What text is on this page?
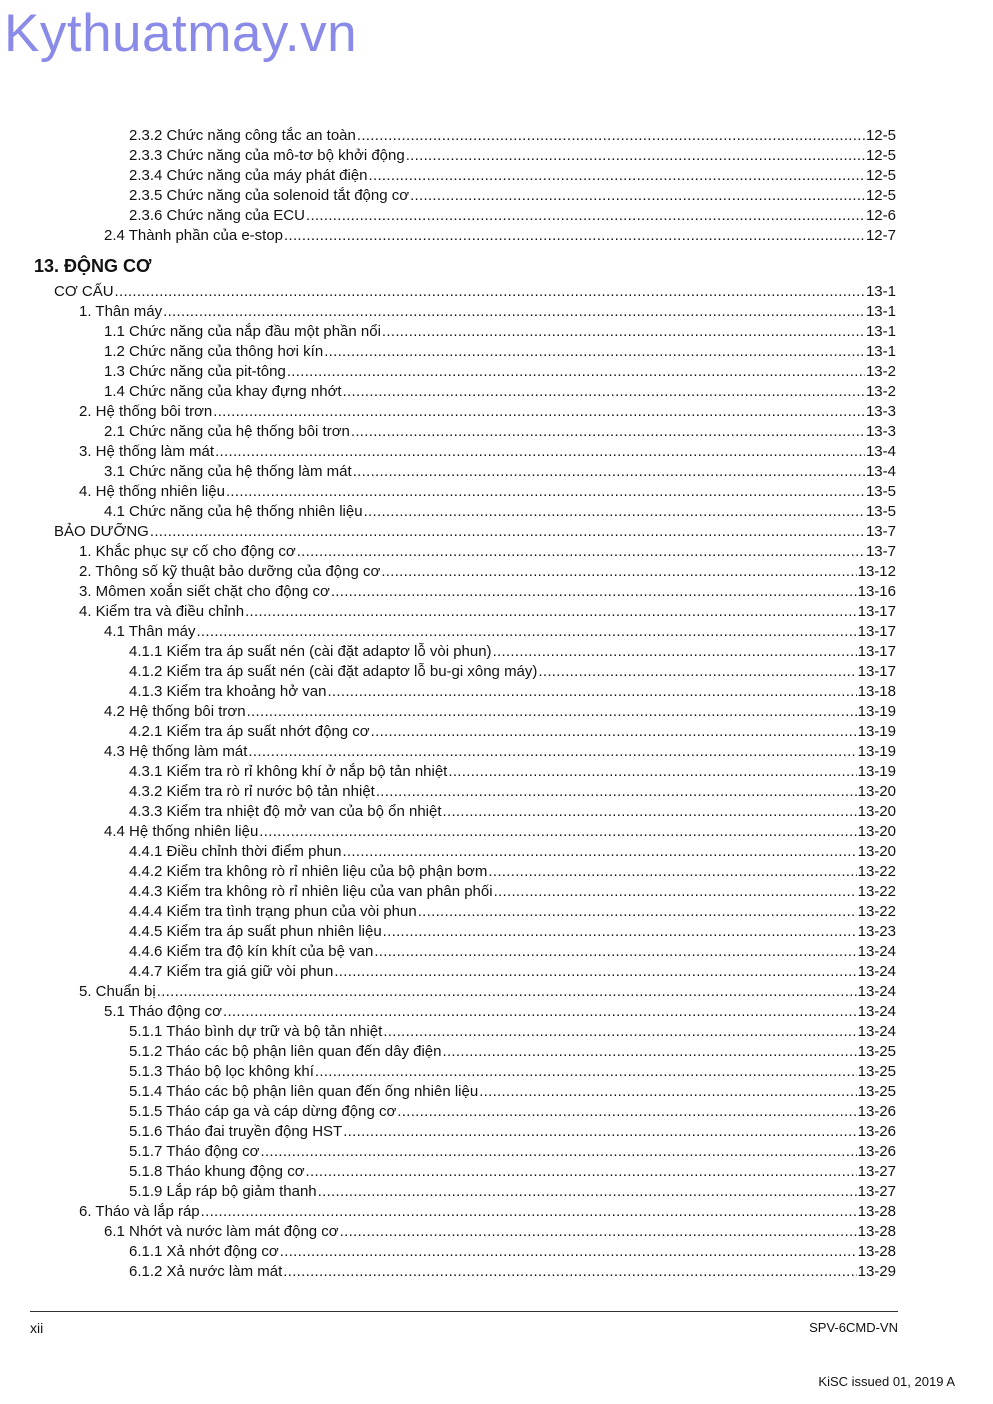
Kythuatmay.vn
2.3.2 Chức năng công tắc an toàn .....	12-5
2.3.3 Chức năng của mô-tơ bộ khởi động .....	12-5
2.3.4 Chức năng của máy phát điện .....	12-5
2.3.5 Chức năng của solenoid tắt động cơ .....	12-5
2.3.6 Chức năng của ECU .....	12-6
2.4 Thành phần của e-stop .....	12-7
13. ĐỘNG CƠ
CƠ CẤU .....	13-1
1. Thân máy .....	13-1
1.1 Chức năng của nắp đầu một phần nổi .....	13-1
1.2 Chức năng của thông hơi kín .....	13-1
1.3 Chức năng của pit-tông .....	13-2
1.4 Chức năng của khay đựng nhớt .....	13-2
2. Hệ thống bôi trơn .....	13-3
2.1 Chức năng của hệ thống bôi trơn .....	13-3
3. Hệ thống làm mát .....	13-4
3.1 Chức năng của hệ thống làm mát .....	13-4
4. Hệ thống nhiên liệu .....	13-5
4.1 Chức năng của hệ thống nhiên liệu .....	13-5
BẢO DƯỠNG .....	13-7
1. Khắc phục sự cố cho động cơ .....	13-7
2. Thông số kỹ thuật bảo dưỡng của động cơ .....	13-12
3. Mômen xoắn siết chặt cho động cơ .....	13-16
4. Kiểm tra và điều chỉnh .....	13-17
4.1 Thân máy .....	13-17
4.1.1 Kiểm tra áp suất nén (cài đặt adaptơ lỗ vòi phun) .....	13-17
4.1.2 Kiểm tra áp suất nén (cài đặt adaptơ lỗ bu-gi xông máy) .....	13-17
4.1.3 Kiểm tra khoảng hở van .....	13-18
4.2 Hệ thống bôi trơn .....	13-19
4.2.1 Kiểm tra áp suất nhớt động cơ .....	13-19
4.3 Hệ thống làm mát .....	13-19
4.3.1 Kiểm tra rò rỉ không khí ở nắp bộ tản nhiệt .....	13-19
4.3.2 Kiểm tra rò rỉ nước bộ tản nhiệt .....	13-20
4.3.3 Kiểm tra nhiệt độ mở van của bộ ổn nhiệt .....	13-20
4.4 Hệ thống nhiên liệu .....	13-20
4.4.1 Điều chỉnh thời điểm phun .....	13-20
4.4.2 Kiểm tra không rò rỉ nhiên liệu của bộ phận bơm .....	13-22
4.4.3 Kiểm tra không rò rỉ nhiên liệu của van phân phối .....	13-22
4.4.4 Kiểm tra tình trạng phun của vòi phun .....	13-22
4.4.5 Kiểm tra áp suất phun nhiên liệu .....	13-23
4.4.6 Kiểm tra độ kín khít của bệ van .....	13-24
4.4.7 Kiểm tra giá giữ vòi phun .....	13-24
5. Chuẩn bị .....	13-24
5.1 Tháo động cơ .....	13-24
5.1.1 Tháo bình dự trữ và bộ tản nhiệt .....	13-24
5.1.2 Tháo các bộ phận liên quan đến dây điện .....	13-25
5.1.3 Tháo bộ lọc không khí .....	13-25
5.1.4 Tháo các bộ phận liên quan đến ống nhiên liệu .....	13-25
5.1.5 Tháo cáp ga và cáp dừng động cơ .....	13-26
5.1.6 Tháo đai truyền động HST .....	13-26
5.1.7 Tháo động cơ .....	13-26
5.1.8 Tháo khung động cơ .....	13-27
5.1.9 Lắp ráp bộ giảm thanh .....	13-27
6. Tháo và lắp ráp .....	13-28
6.1 Nhớt và nước làm mát động cơ .....	13-28
6.1.1 Xả nhớt động cơ .....	13-28
6.1.2 Xả nước làm mát .....	13-29
xii	SPV-6CMD-VN
KiSC issued 01, 2019 A
